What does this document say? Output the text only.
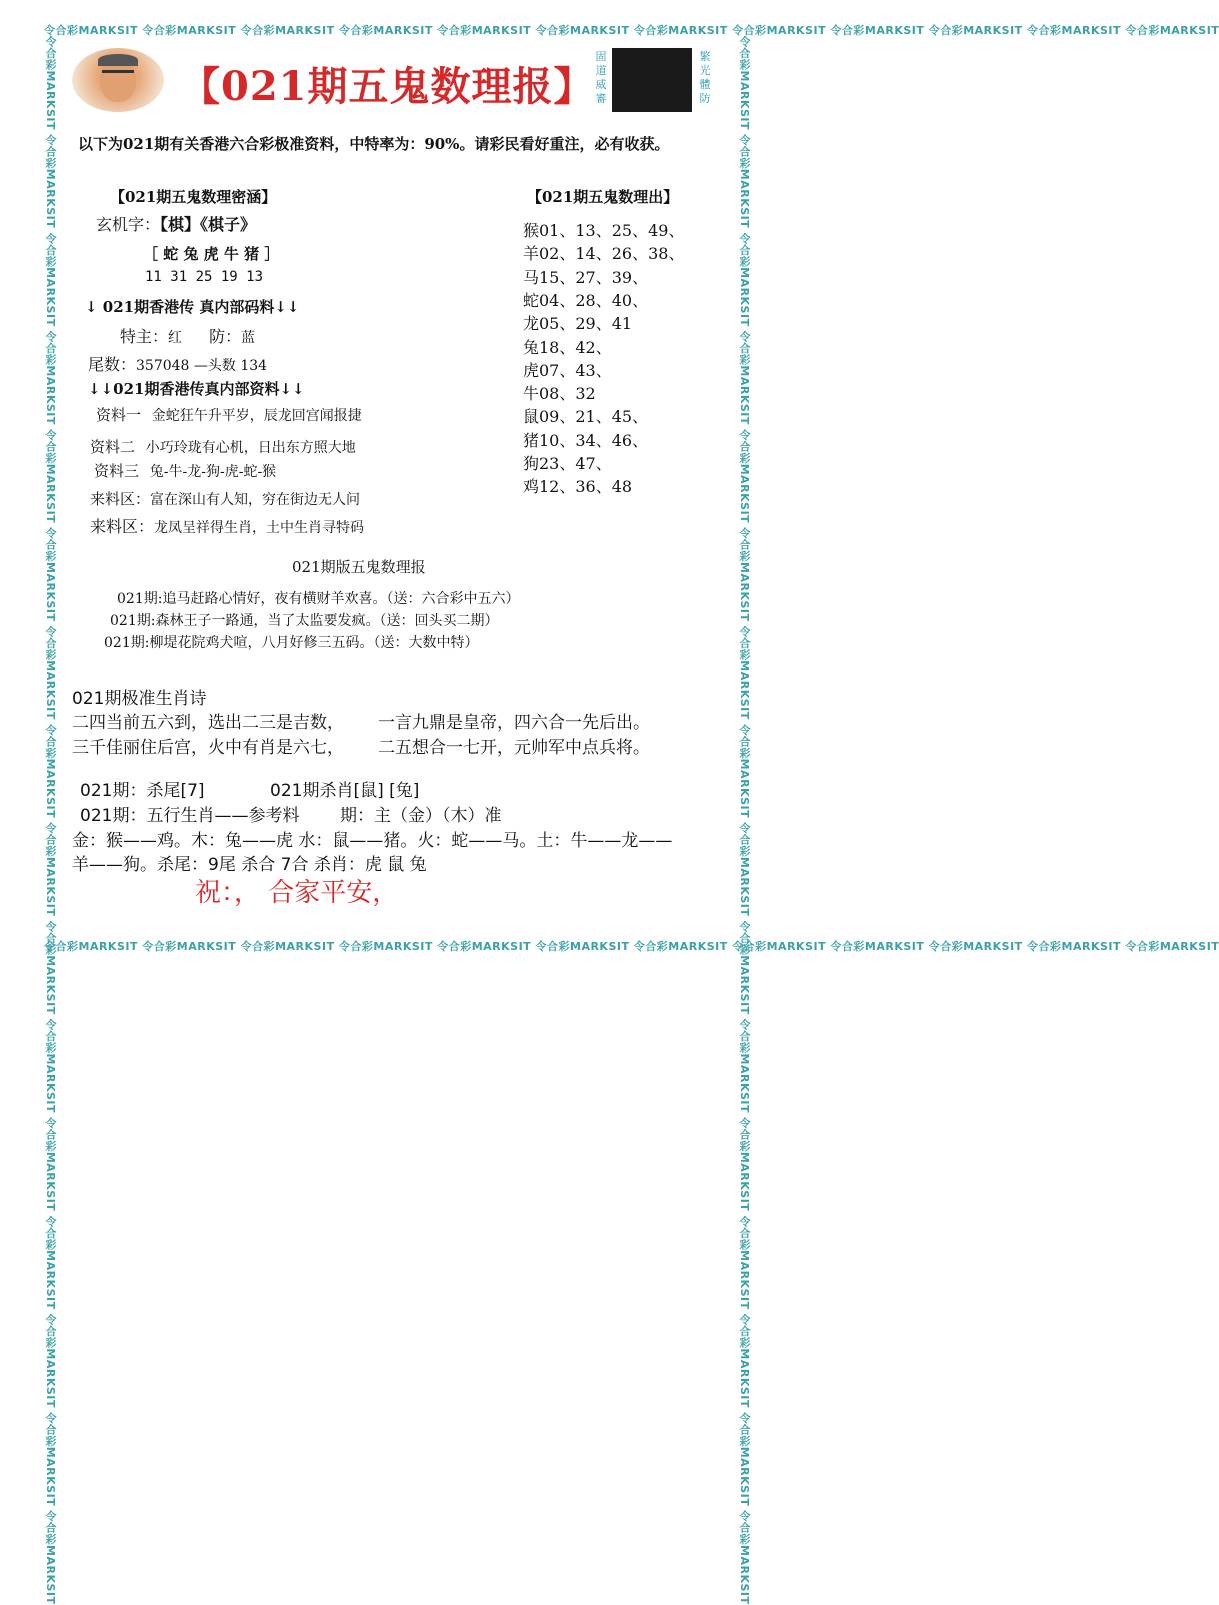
令合彩MARKSIT 令合彩MARKSIT 令合彩MARKSIT 令合彩MARKSIT 令合彩MARKSIT 令合彩MARKSIT 令合彩MARKSIT 令合彩MARKSIT 令合彩MARKSIT 令合彩MARKSIT 令合彩MARKSIT 令合彩MARKSIT
令合彩MARKSIT 令合彩MARKSIT 令合彩MARKSIT 令合彩MARKSIT 令合彩MARKSIT 令合彩MARKSIT 令合彩MARKSIT 令合彩MARKSIT 令合彩MARKSIT 令合彩MARKSIT 令合彩MARKSIT 令合彩MARKSIT
令合彩MARKSIT 令合彩MARKSIT 令合彩MARKSIT 令合彩MARKSIT 令合彩MARKSIT 令合彩MARKSIT 令合彩MARKSIT 令合彩MARKSIT 令合彩MARKSIT 令合彩MARKSIT 令合彩MARKSIT 令合彩MARKSIT 令合彩MARKSIT 令合彩MARKSIT 令合彩MARKSIT 令合彩MARKSIT	令合彩MARKSIT 令合彩MARKSIT 令合彩MARKSIT 令合彩MARKSIT 令合彩MARKSIT 令合彩MARKSIT 令合彩MARKSIT 令合彩MARKSIT 令合彩MARKSIT 令合彩MARKSIT 令合彩MARKSIT 令合彩MARKSIT 令合彩MARKSIT 令合彩MARKSIT 令合彩MARKSIT 令合彩MARKSIT
【021期五鬼数理报】
固道威審
繁光體防
以下为021期有关香港六合彩极准资料，中特率为：90%。请彩民看好重注，必有收获。
【021期五鬼数理密涵】
玄机字：【棋】《棋子》
［ 蛇 兔 虎 牛 猪 ］
11 31 25 19 13
↓ 021期香港传 真内部码料↓↓
特主：红 防：蓝
尾数：357048 —头数 134
↓↓021期香港传真内部资料↓↓
资料一 金蛇狂午升平岁，辰龙回宫闻报捷
资料二 小巧玲珑有心机，日出东方照大地
资料三 兔-牛-龙-狗-虎-蛇-猴
来料区：富在深山有人知，穷在街边无人问
来料区：龙凤呈祥得生肖，土中生肖寻特码
【021期五鬼数理出】
猴01、13、25、49、
羊02、14、26、38、
马15、27、39、
蛇04、28、40、
龙05、29、41
兔18、42、
虎07、43、
牛08、32
鼠09、21、45、
猪10、34、46、
狗23、47、
鸡12、36、48
021期版五鬼数理报
021期:追马赶路心情好，夜有横财羊欢喜。（送：六合彩中五六）
021期:森林王子一路通，当了太监要发疯。（送：回头买二期）
021期:柳堤花院鸡犬喧，八月好修三五码。（送：大数中特）
021期极准生肖诗
二四当前五六到，选出二三是吉数， 一言九鼎是皇帝，四六合一先后出。
三千佳丽住后宫，火中有肖是六七， 二五想合一七开，元帅军中点兵将。
021期：杀尾[7]	021期杀肖[鼠] [兔]
021期：五行生肖——参考料 期：主（金）（木）准
金：猴——鸡。木：兔——虎 水：鼠——猪。火：蛇——马。土：牛——龙——
羊——狗。杀尾：9尾 杀合 7合 杀肖：虎 鼠 兔
祝：， 合家平安，
